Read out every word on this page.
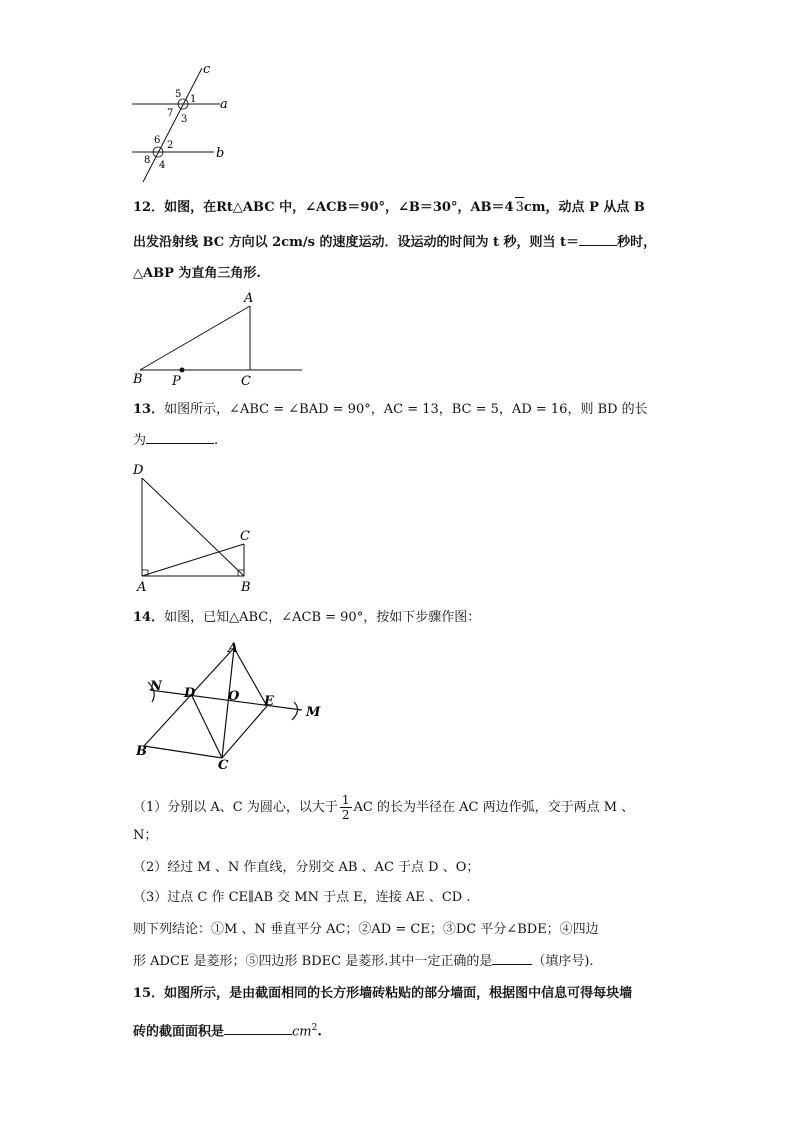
c
a
b
5 1
7
3
6 2
8 4
12．如图，在Rt△ABC 中，∠ACB＝90°，∠B＝30°，AB＝4 3cm，动点 P 从点 B
出发沿射线 BC 方向以 2cm/s 的速度运动．设运动的时间为 t 秒，则当 t＝	秒时，
△ABP 为直角三角形.
A
B	C
P
13．如图所示，∠ABC = ∠BAD = 90°，AC = 13，BC = 5，AD = 16，则 BD 的长
为	.
D
C
A	B
14．如图，已知△ABC，∠ACB = 90°，按如下步骤作图：
A
N D	O E
M
B
C
（1）分别以 A、C 为圆心，以大于 $\frac{1}{2}$ AC 的长为半径在 AC 两边作弧，交于两点 M 、
N；
（2）经过 M 、N 作直线，分别交 AB 、AC 于点 D 、O；
（3）过点 C 作 CE∥AB 交 MN 于点 E，连接 AE 、CD .
则下列结论：①M 、N 垂直平分 AC；②AD = CE；③DC 平分∠BDE；④四边
形 ADCE 是菱形；⑤四边形 BDEC 是菱形.其中一定正确的是	（填序号).
15．如图所示，是由截面相同的长方形墙砖粘贴的部分墙面，根据图中信息可得每块墙
砖的截面面积是	$cm^2$.
